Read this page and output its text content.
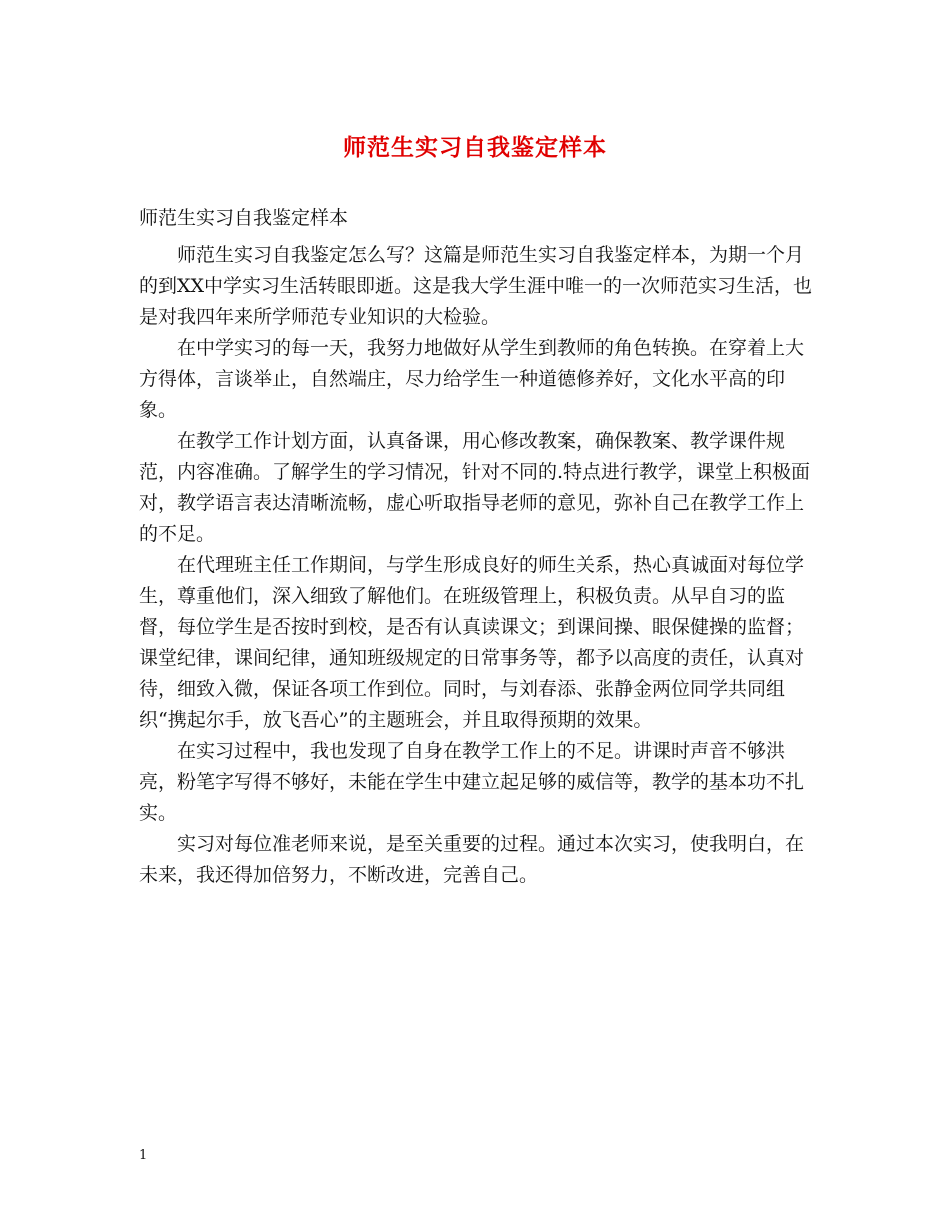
师范生实习自我鉴定样本
师范生实习自我鉴定样本

师范生实习自我鉴定怎么写？这篇是师范生实习自我鉴定样本，为期一个月的到XX中学实习生活转眼即逝。这是我大学生涯中唯一的一次师范实习生活，也是对我四年来所学师范专业知识的大检验。

在中学实习的每一天，我努力地做好从学生到教师的角色转换。在穿着上大方得体，言谈举止，自然端庄，尽力给学生一种道德修养好，文化水平高的印象。

在教学工作计划方面，认真备课，用心修改教案，确保教案、教学课件规范，内容准确。了解学生的学习情况，针对不同的.特点进行教学，课堂上积极面对，教学语言表达清晰流畅，虚心听取指导老师的意见，弥补自己在教学工作上的不足。

在代理班主任工作期间，与学生形成良好的师生关系，热心真诚面对每位学生，尊重他们，深入细致了解他们。在班级管理上，积极负责。从早自习的监督，每位学生是否按时到校，是否有认真读课文；到课间操、眼保健操的监督；课堂纪律，课间纪律，通知班级规定的日常事务等，都予以高度的责任，认真对待，细致入微，保证各项工作到位。同时，与刘春添、张静金两位同学共同组织“携起尔手，放飞吾心”的主题班会，并且取得预期的效果。

在实习过程中，我也发现了自身在教学工作上的不足。讲课时声音不够洪亮，粉笔字写得不够好，未能在学生中建立起足够的威信等，教学的基本功不扎实。

实习对每位准老师来说，是至关重要的过程。通过本次实习，使我明白，在未来，我还得加倍努力，不断改进，完善自己。

1
